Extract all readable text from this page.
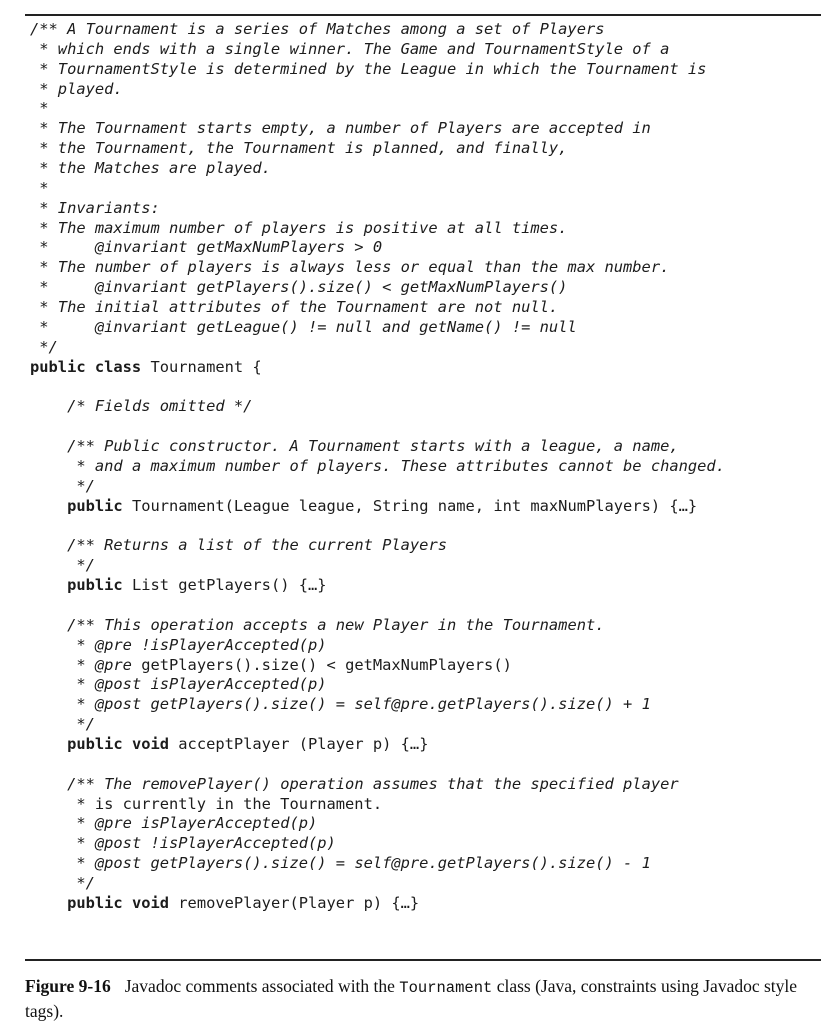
/** A Tournament is a series of Matches among a set of Players
* which ends with a single winner. The Game and TournamentStyle of a
* TournamentStyle is determined by the League in which the Tournament is
* played.
*
* The Tournament starts empty, a number of Players are accepted in
* the Tournament, the Tournament is planned, and finally,
* the Matches are played.
*
* Invariants:
* The maximum number of players is positive at all times.
*     @invariant getMaxNumPlayers > 0
* The number of players is always less or equal than the max number.
*     @invariant getPlayers().size() < getMaxNumPlayers()
* The initial attributes of the Tournament are not null.
*     @invariant getLeague() != null and getName() != null
*/
public class Tournament {
/* Fields omitted */
/** Public constructor. A Tournament starts with a league, a name,
* and a maximum number of players. These attributes cannot be changed.
*/
public Tournament(League league, String name, int maxNumPlayers) {…}
/** Returns a list of the current Players
*/
public List getPlayers() {…}
/** This operation accepts a new Player in the Tournament.
* @pre !isPlayerAccepted(p)
* @pre getPlayers().size() < getMaxNumPlayers()
* @post isPlayerAccepted(p)
* @post getPlayers().size() = self@pre.getPlayers().size() + 1
*/
public void acceptPlayer (Player p) {…}
/** The removePlayer() operation assumes that the specified player
* is currently in the Tournament.
* @pre isPlayerAccepted(p)
* @post !isPlayerAccepted(p)
* @post getPlayers().size() = self@pre.getPlayers().size() - 1
*/
public void removePlayer(Player p) {…}
Figure 9-16 Javadoc comments associated with the Tournament class (Java, constraints using Javadoc style tags).
